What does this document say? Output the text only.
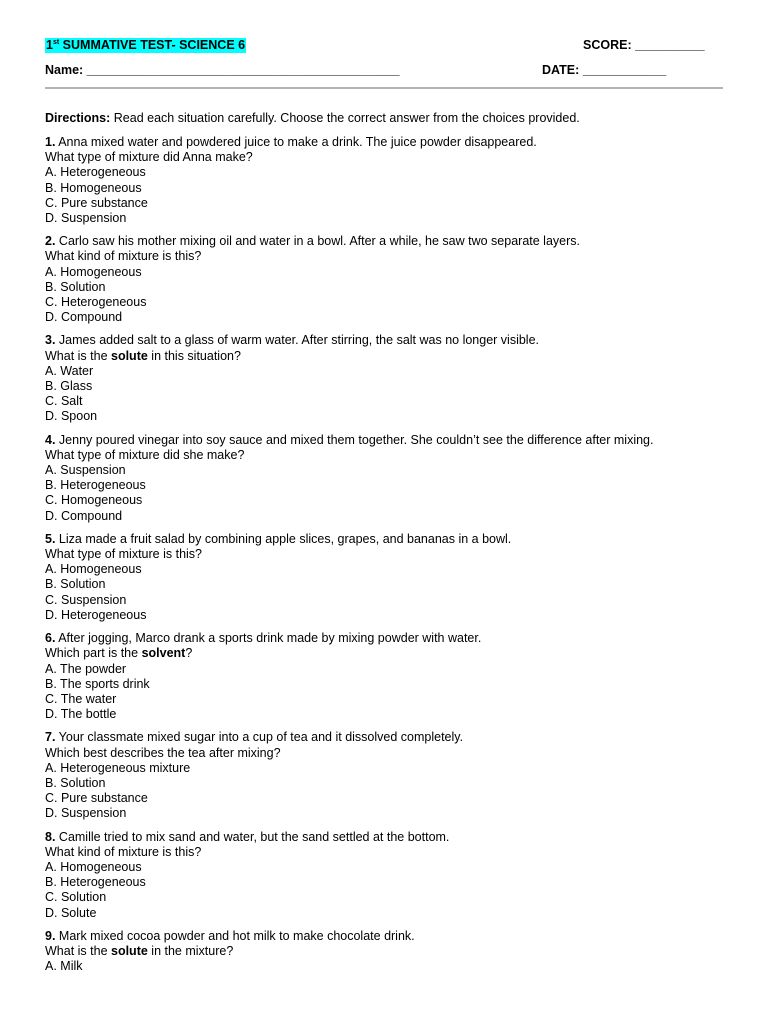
1st SUMMATIVE TEST- SCIENCE 6	SCORE: __________
Name: _____________________________________________	DATE: ____________
Directions: Read each situation carefully. Choose the correct answer from the choices provided.
1. Anna mixed water and powdered juice to make a drink. The juice powder disappeared.
What type of mixture did Anna make?
A. Heterogeneous
B. Homogeneous
C. Pure substance
D. Suspension
2. Carlo saw his mother mixing oil and water in a bowl. After a while, he saw two separate layers.
What kind of mixture is this?
A. Homogeneous
B. Solution
C. Heterogeneous
D. Compound
3. James added salt to a glass of warm water. After stirring, the salt was no longer visible.
What is the solute in this situation?
A. Water
B. Glass
C. Salt
D. Spoon
4. Jenny poured vinegar into soy sauce and mixed them together. She couldn’t see the difference after mixing.
What type of mixture did she make?
A. Suspension
B. Heterogeneous
C. Homogeneous
D. Compound
5. Liza made a fruit salad by combining apple slices, grapes, and bananas in a bowl.
What type of mixture is this?
A. Homogeneous
B. Solution
C. Suspension
D. Heterogeneous
6. After jogging, Marco drank a sports drink made by mixing powder with water.
Which part is the solvent?
A. The powder
B. The sports drink
C. The water
D. The bottle
7. Your classmate mixed sugar into a cup of tea and it dissolved completely.
Which best describes the tea after mixing?
A. Heterogeneous mixture
B. Solution
C. Pure substance
D. Suspension
8. Camille tried to mix sand and water, but the sand settled at the bottom.
What kind of mixture is this?
A. Homogeneous
B. Heterogeneous
C. Solution
D. Solute
9. Mark mixed cocoa powder and hot milk to make chocolate drink.
What is the solute in the mixture?
A. Milk
